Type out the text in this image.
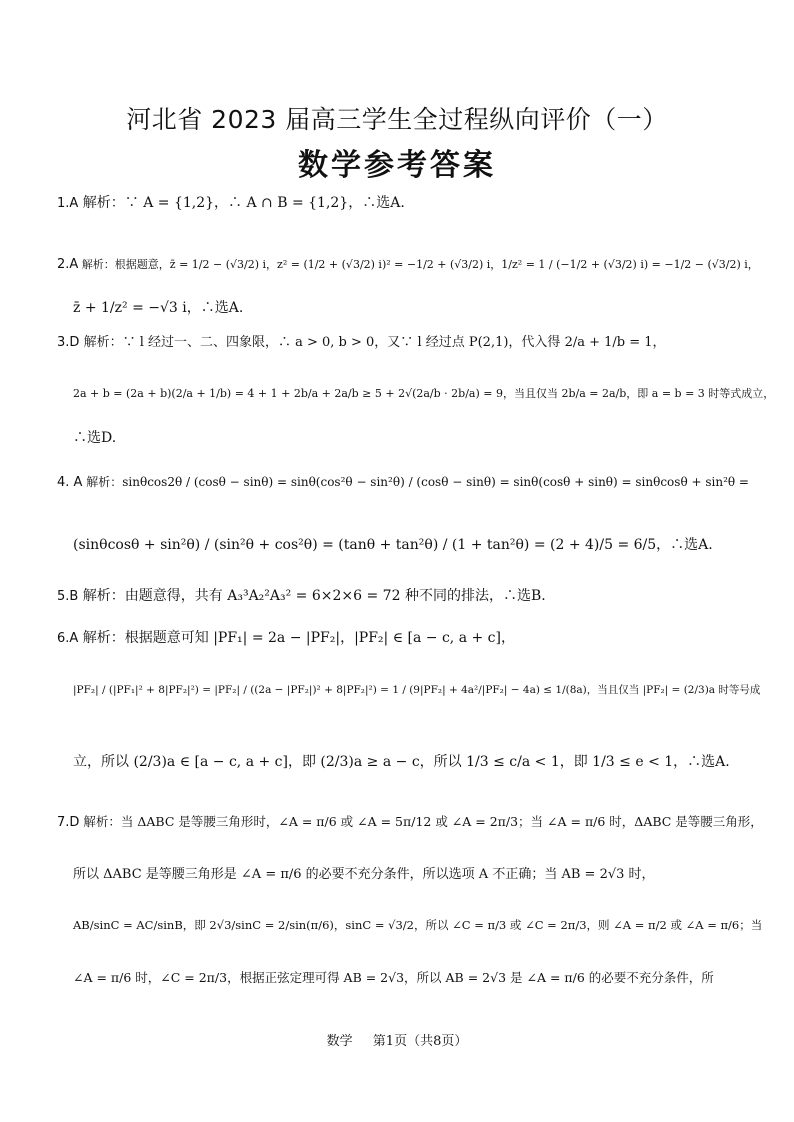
河北省 2023 届高三学生全过程纵向评价（一）
数学参考答案
1.A 解析：∵ A = {1,2}，∴ A ∩ B = {1,2}，∴选A.
2.A 解析：根据题意，z̄ = 1/2 − (√3/2) i，z² = (1/2 + (√3/2) i)² = −1/2 + (√3/2) i，1/z² = 1 / (−1/2 + (√3/2) i) = −1/2 − (√3/2) i，
z̄ + 1/z² = −√3 i，∴选A.
3.D 解析：∵ l 经过一、二、四象限，∴ a > 0, b > 0，又∵ l 经过点 P(2,1)，代入得 2/a + 1/b = 1，
2a + b = (2a + b)(2/a + 1/b) = 4 + 1 + 2b/a + 2a/b ≥ 5 + 2√(2a/b · 2b/a) = 9，当且仅当 2b/a = 2a/b，即 a = b = 3 时等式成立，
∴选D.
4. A 解析：sinθcos2θ / (cosθ − sinθ) = sinθ(cos²θ − sin²θ) / (cosθ − sinθ) = sinθ(cosθ + sinθ) = sinθcosθ + sin²θ =
(sinθcosθ + sin²θ) / (sin²θ + cos²θ) = (tanθ + tan²θ) / (1 + tan²θ) = (2 + 4)/5 = 6/5，∴选A.
5.B 解析：由题意得，共有 A₃³A₂²A₃² = 6×2×6 = 72 种不同的排法，∴选B.
6.A 解析：根据题意可知 |PF₁| = 2a − |PF₂|，|PF₂| ∈ [a − c, a + c]，
|PF₂| / (|PF₁|² + 8|PF₂|²) = |PF₂| / ((2a − |PF₂|)² + 8|PF₂|²) = 1 / (9|PF₂| + 4a²/|PF₂| − 4a) ≤ 1/(8a)，当且仅当 |PF₂| = (2/3)a 时等号成
立，所以 (2/3)a ∈ [a − c, a + c]，即 (2/3)a ≥ a − c，所以 1/3 ≤ c/a < 1，即 1/3 ≤ e < 1，∴选A.
7.D 解析：当 ΔABC 是等腰三角形时，∠A = π/6 或 ∠A = 5π/12 或 ∠A = 2π/3；当 ∠A = π/6 时，ΔABC 是等腰三角形，
所以 ΔABC 是等腰三角形是 ∠A = π/6 的必要不充分条件，所以选项 A 不正确；当 AB = 2√3 时，
AB/sinC = AC/sinB，即 2√3/sinC = 2/sin(π/6)，sinC = √3/2，所以 ∠C = π/3 或 ∠C = 2π/3，则 ∠A = π/2 或 ∠A = π/6；当
∠A = π/6 时，∠C = 2π/3，根据正弦定理可得 AB = 2√3，所以 AB = 2√3 是 ∠A = π/6 的必要不充分条件，所
数学 第1页（共8页）
